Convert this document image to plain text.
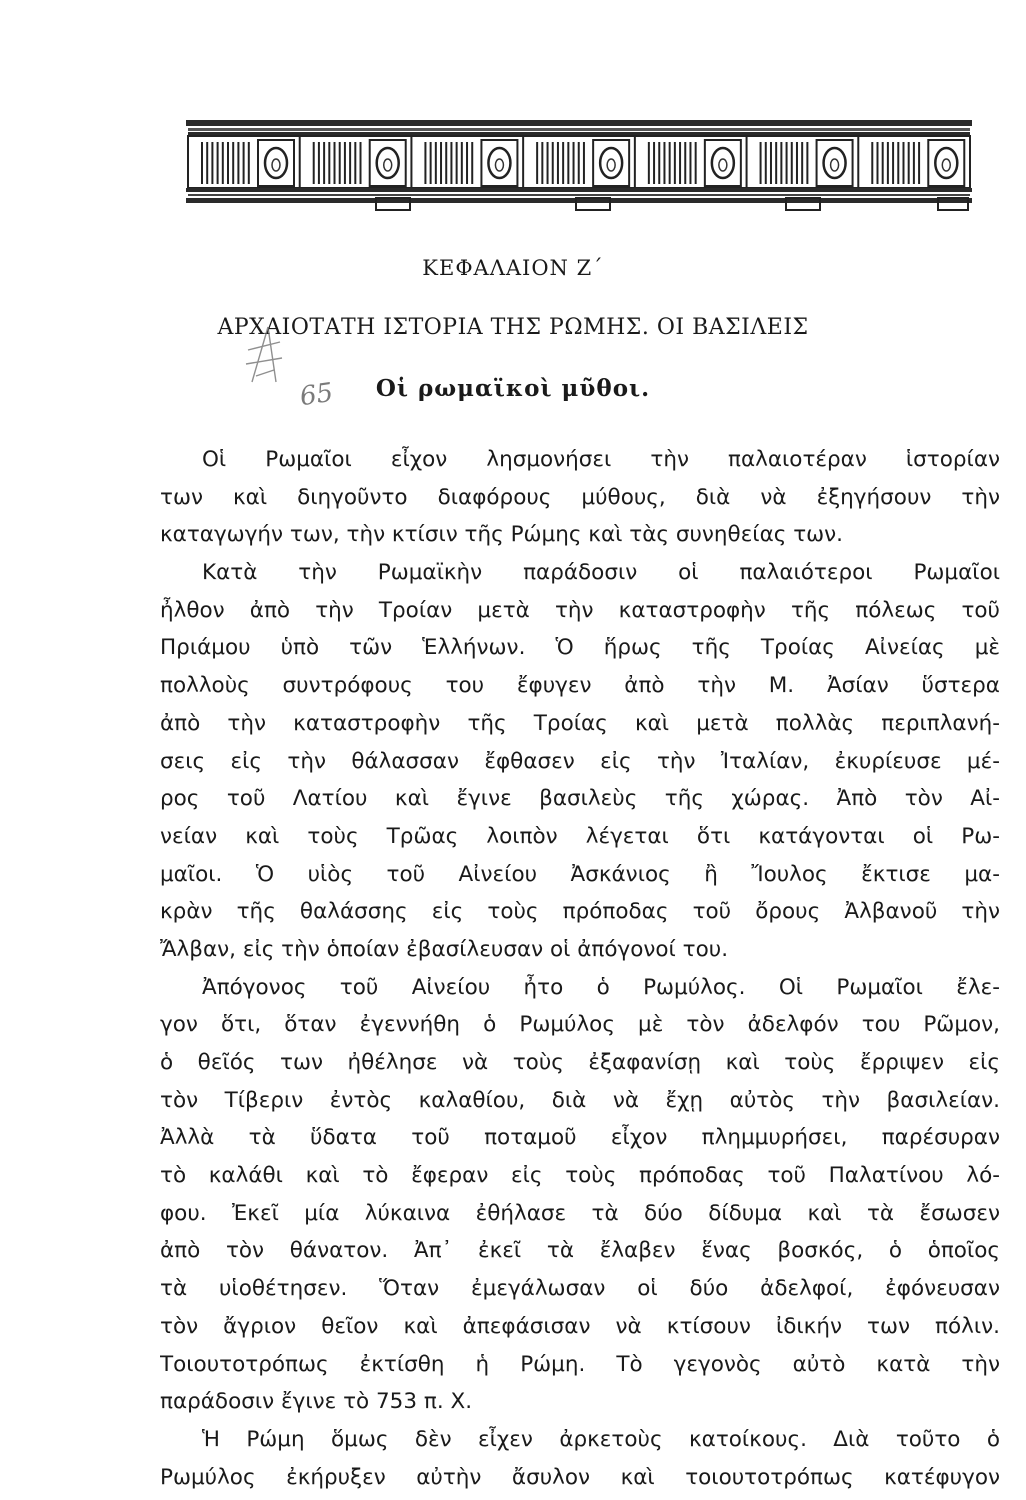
ΚΕΦΑΛΑΙΟΝ Ζ΄
ΑΡΧΑΙΟΤΑΤΗ ΙΣΤΟΡΙΑ ΤΗΣ ΡΩΜΗΣ. ΟΙ ΒΑΣΙΛΕΙΣ
Οἱ ρωμαϊκοὶ μῦθοι.
65
Οἱ Ρωμαῖοι εἶχον λησμονήσει τὴν παλαιοτέραν ἱστορίαν
των καὶ διηγοῦντο διαφόρους μύθους, διὰ νὰ ἐξηγήσουν τὴν
καταγωγήν των, τὴν κτίσιν τῆς Ρώμης καὶ τὰς συνηθείας των.
Κατὰ τὴν Ρωμαϊκὴν παράδοσιν οἱ παλαιότεροι Ρωμαῖοι
ἦλθον ἀπὸ τὴν Τροίαν μετὰ τὴν καταστροφὴν τῆς πόλεως τοῦ
Πριάμου ὑπὸ τῶν Ἑλλήνων. Ὁ ἥρως τῆς Τροίας Αἰνείας μὲ
πολλοὺς συντρόφους του ἔφυγεν ἀπὸ τὴν Μ. Ἀσίαν ὕστερα
ἀπὸ τὴν καταστροφὴν τῆς Τροίας καὶ μετὰ πολλὰς περιπλανή-
σεις εἰς τὴν θάλασσαν ἔφθασεν εἰς τὴν Ἰταλίαν, ἐκυρίευσε μέ-
ρος τοῦ Λατίου καὶ ἔγινε βασιλεὺς τῆς χώρας. Ἀπὸ τὸν Αἰ-
νείαν καὶ τοὺς Τρῶας λοιπὸν λέγεται ὅτι κατάγονται οἱ Ρω-
μαῖοι. Ὁ υἱὸς τοῦ Αἰνείου Ἀσκάνιος ἢ Ἴουλος ἔκτισε μα-
κρὰν τῆς θαλάσσης εἰς τοὺς πρόποδας τοῦ ὄρους Ἀλβανοῦ τὴν
Ἄλβαν, εἰς τὴν ὁποίαν ἐβασίλευσαν οἱ ἀπόγονοί του.
Ἀπόγονος τοῦ Αἰνείου ἦτο ὁ Ρωμύλος. Οἱ Ρωμαῖοι ἔλε-
γον ὅτι, ὅταν ἐγεννήθη ὁ Ρωμύλος μὲ τὸν ἀδελφόν του Ρῶμον,
ὁ θεῖός των ἠθέλησε νὰ τοὺς ἐξαφανίσῃ καὶ τοὺς ἔρριψεν εἰς
τὸν Τίβεριν ἐντὸς καλαθίου, διὰ νὰ ἔχῃ αὐτὸς τὴν βασιλείαν.
Ἀλλὰ τὰ ὕδατα τοῦ ποταμοῦ εἶχον πλημμυρήσει, παρέσυραν
τὸ καλάθι καὶ τὸ ἔφεραν εἰς τοὺς πρόποδας τοῦ Παλατίνου λό-
φου. Ἐκεῖ μία λύκαινα ἐθήλασε τὰ δύο δίδυμα καὶ τὰ ἔσωσεν
ἀπὸ τὸν θάνατον. Ἀπ᾽ ἐκεῖ τὰ ἔλαβεν ἕνας βοσκός, ὁ ὁποῖος
τὰ υἱοθέτησεν. Ὅταν ἐμεγάλωσαν οἱ δύο ἀδελφοί, ἐφόνευσαν
τὸν ἄγριον θεῖον καὶ ἀπεφάσισαν νὰ κτίσουν ἰδικήν των πόλιν.
Τοιουτοτρόπως ἐκτίσθη ἡ Ρώμη. Τὸ γεγονὸς αὐτὸ κατὰ τὴν
παράδοσιν ἔγινε τὸ 753 π. Χ.
Ἡ Ρώμη ὅμως δὲν εἶχεν ἀρκετοὺς κατοίκους. Διὰ τοῦτο ὁ
Ρωμύλος ἐκήρυξεν αὐτὴν ἄσυλον καὶ τοιουτοτρόπως κατέφυγον
